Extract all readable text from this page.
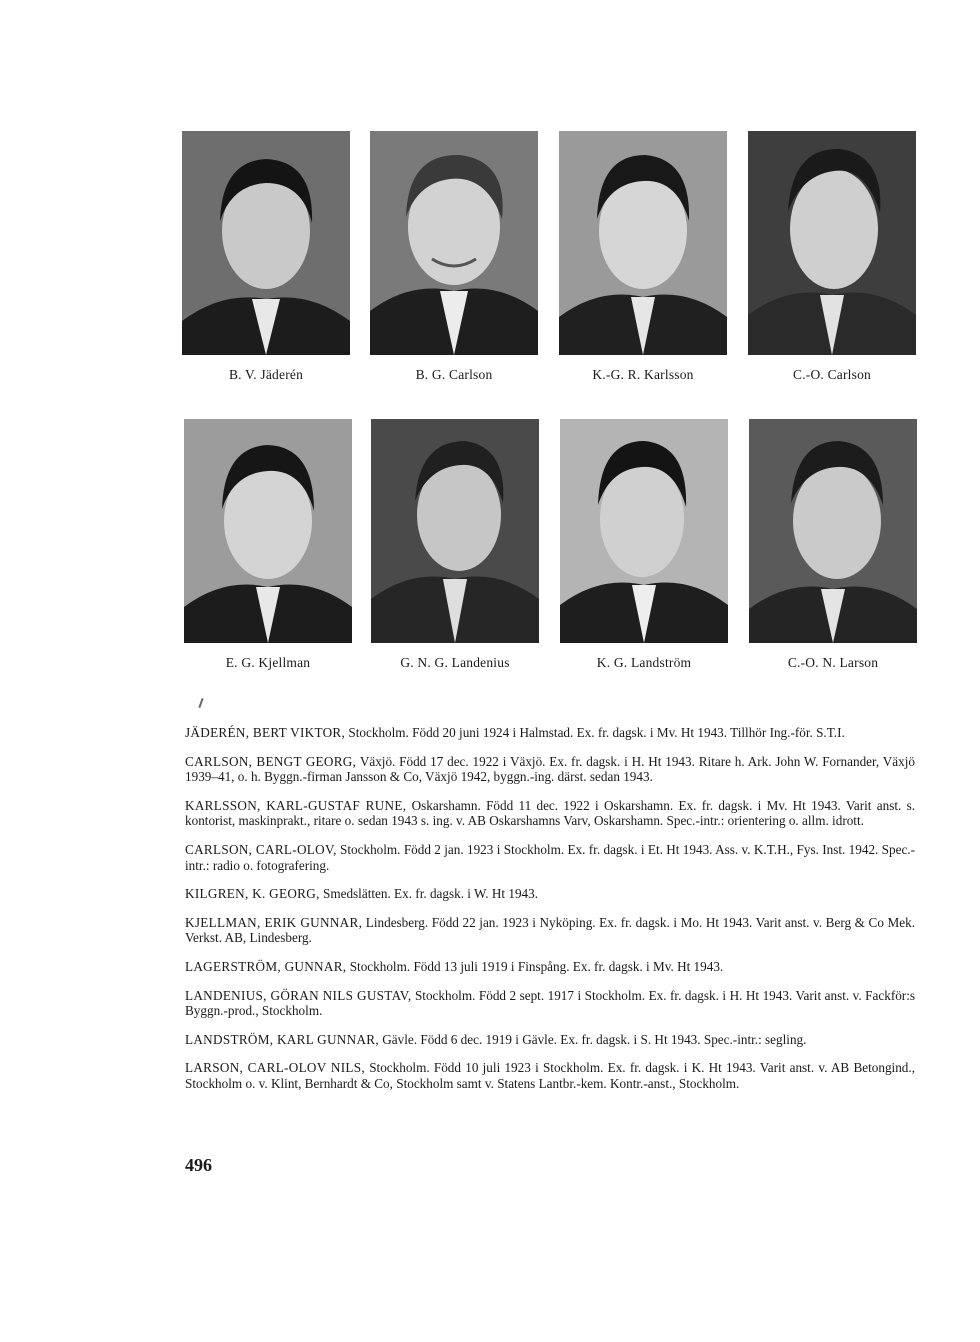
B. V. Jäderén	B. G. Carlson	K.-G. R. Karlsson	C.-O. Carlson
E. G. Kjellman	G. N. G. Landenius	K. G. Landström	C.-O. N. Larson

JÄDERÉN, BERT VIKTOR, Stockholm. Född 20 juni 1924 i Halmstad. Ex. fr. dagsk. i Mv. Ht 1943. Tillhör Ing.-för. S.T.I.

CARLSON, BENGT GEORG, Växjö. Född 17 dec. 1922 i Växjö. Ex. fr. dagsk. i H. Ht 1943. Ritare h. Ark. John W. Fornander, Växjö 1939–41, o. h. Byggn.-firman Jansson & Co, Växjö 1942, byggn.-ing. därst. sedan 1943.

KARLSSON, KARL-GUSTAF RUNE, Oskarshamn. Född 11 dec. 1922 i Oskarshamn. Ex. fr. dagsk. i Mv. Ht 1943. Varit anst. s. kontorist, maskinprakt., ritare o. sedan 1943 s. ing. v. AB Oskarshamns Varv, Oskarshamn. Spec.-intr.: orientering o. allm. idrott.

CARLSON, CARL-OLOV, Stockholm. Född 2 jan. 1923 i Stockholm. Ex. fr. dagsk. i Et. Ht 1943. Ass. v. K.T.H., Fys. Inst. 1942. Spec.-intr.: radio o. fotografering.

KILGREN, K. GEORG, Smedslätten. Ex. fr. dagsk. i W. Ht 1943.

KJELLMAN, ERIK GUNNAR, Lindesberg. Född 22 jan. 1923 i Nyköping. Ex. fr. dagsk. i Mo. Ht 1943. Varit anst. v. Berg & Co Mek. Verkst. AB, Lindesberg.

LAGERSTRÖM, GUNNAR, Stockholm. Född 13 juli 1919 i Finspång. Ex. fr. dagsk. i Mv. Ht 1943.

LANDENIUS, GÖRAN NILS GUSTAV, Stockholm. Född 2 sept. 1917 i Stockholm. Ex. fr. dagsk. i H. Ht 1943. Varit anst. v. Fackför:s Byggn.-prod., Stockholm.

LANDSTRÖM, KARL GUNNAR, Gävle. Född 6 dec. 1919 i Gävle. Ex. fr. dagsk. i S. Ht 1943. Spec.-intr.: segling.

LARSON, CARL-OLOV NILS, Stockholm. Född 10 juli 1923 i Stockholm. Ex. fr. dagsk. i K. Ht 1943. Varit anst. v. AB Betongind., Stockholm o. v. Klint, Bernhardt & Co, Stockholm samt v. Statens Lantbr.-kem. Kontr.-anst., Stockholm.

496
